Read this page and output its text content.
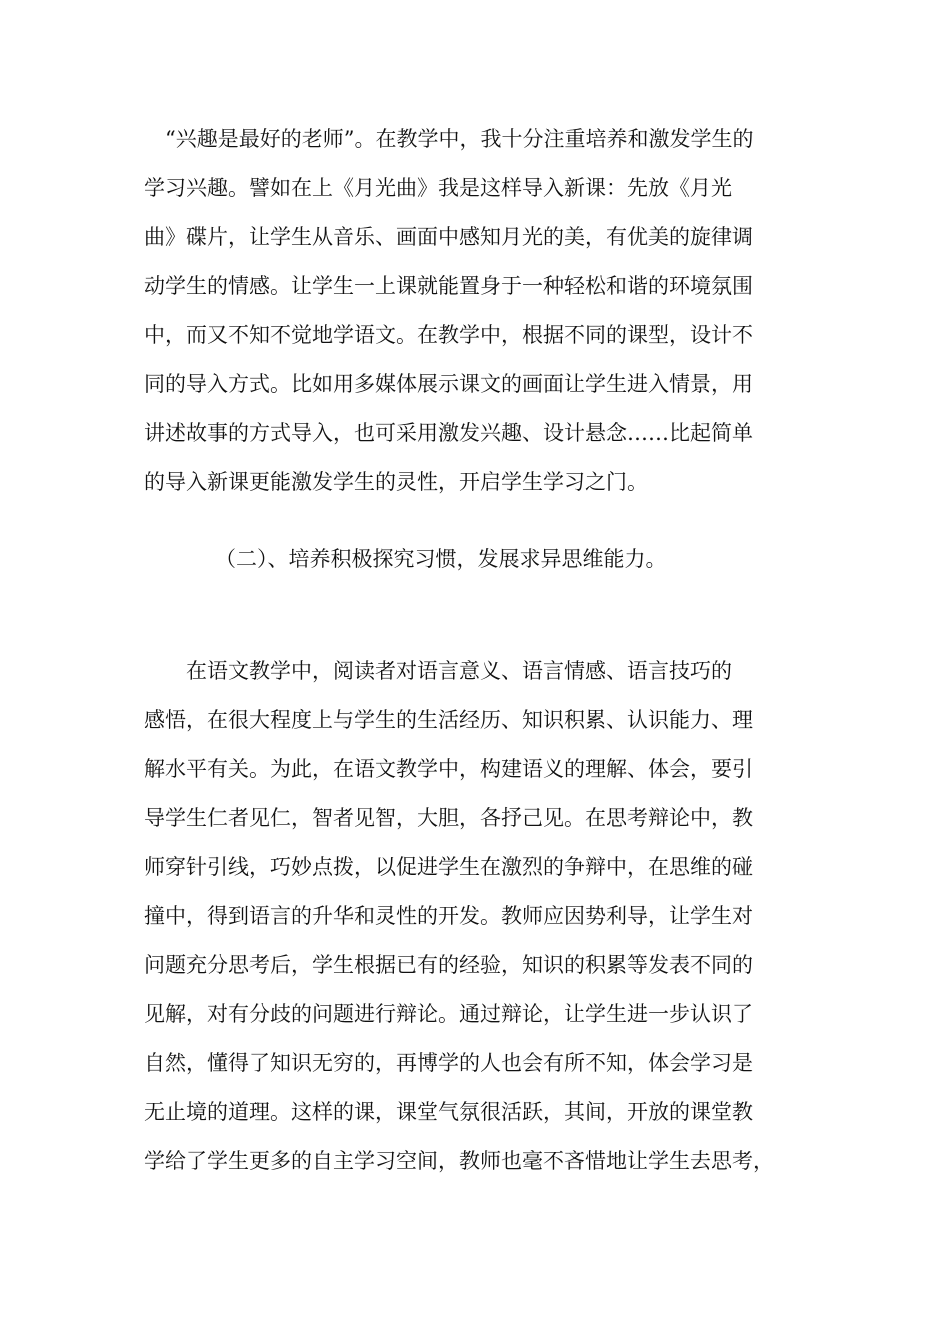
　“兴趣是最好的老师”。在教学中，我十分注重培养和激发学生的
学习兴趣。譬如在上《月光曲》我是这样导入新课：先放《月光
曲》碟片，让学生从音乐、画面中感知月光的美，有优美的旋律调
动学生的情感。让学生一上课就能置身于一种轻松和谐的环境氛围
中，而又不知不觉地学语文。在教学中，根据不同的课型，设计不
同的导入方式。比如用多媒体展示课文的画面让学生进入情景，用
讲述故事的方式导入，也可采用激发兴趣、设计悬念……比起简单
的导入新课更能激发学生的灵性，开启学生学习之门。
（二）、培养积极探究习惯，发展求异思维能力。
　　在语文教学中，阅读者对语言意义、语言情感、语言技巧的
感悟，在很大程度上与学生的生活经历、知识积累、认识能力、理
解水平有关。为此，在语文教学中，构建语义的理解、体会，要引
导学生仁者见仁，智者见智，大胆，各抒己见。在思考辩论中，教
师穿针引线，巧妙点拨，以促进学生在激烈的争辩中，在思维的碰
撞中，得到语言的升华和灵性的开发。教师应因势利导，让学生对
问题充分思考后，学生根据已有的经验，知识的积累等发表不同的
见解，对有分歧的问题进行辩论。通过辩论，让学生进一步认识了
自然，懂得了知识无穷的，再博学的人也会有所不知，体会学习是
无止境的道理。这样的课，课堂气氛很活跃，其间，开放的课堂教
学给了学生更多的自主学习空间，教师也毫不吝惜地让学生去思考，
